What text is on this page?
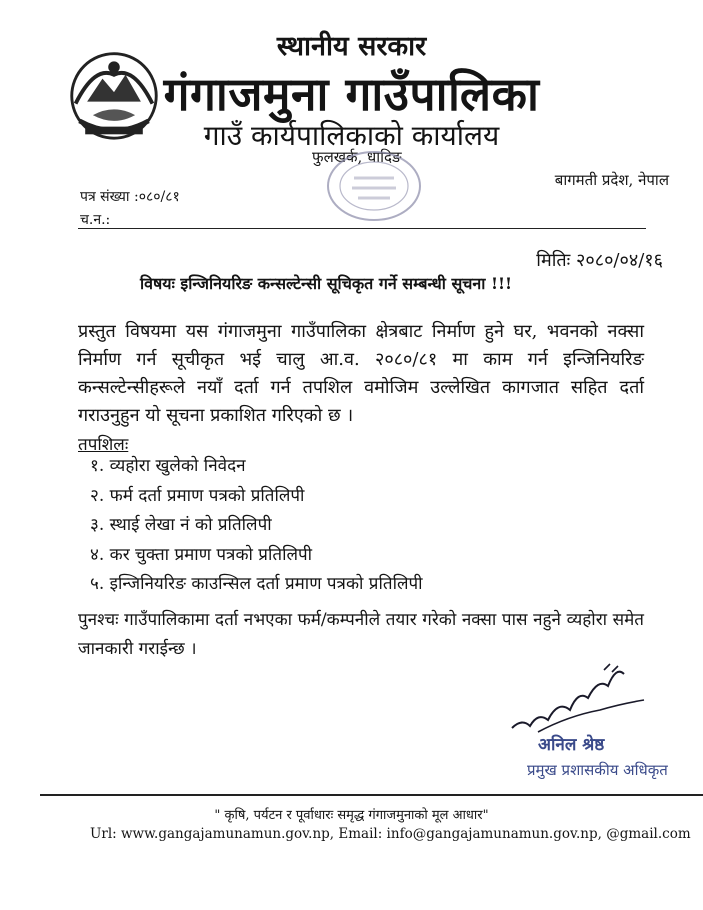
स्थानीय सरकार
गंगाजमुना गाउँपालिका
गाउँ कार्यपालिकाको कार्यालय
फुलखर्क, धादिङ
बागमती प्रदेश, नेपाल
पत्र संख्या :०८०/८१
च.न.:
मितिः २०८०/०४/१६
विषयः इन्जिनियरिङ कन्सल्टेन्सी सूचिकृत गर्ने सम्बन्धी सूचना !!!
प्रस्तुत विषयमा यस गंगाजमुना गाउँपालिका क्षेत्रबाट निर्माण हुने घर, भवनको नक्सा निर्माण गर्न सूचीकृत भई चालु आ.व. २०८०/८१ मा काम गर्न इन्जिनियरिङ कन्सल्टेन्सीहरूले नयाँ दर्ता गर्न तपशिल वमोजिम उल्लेखित कागजात सहित दर्ता गराउनुहुन यो सूचना प्रकाशित गरिएको छ ।
तपशिलः
१. व्यहोरा खुलेको निवेदन
२. फर्म दर्ता प्रमाण पत्रको प्रतिलिपी
३. स्थाई लेखा नं को प्रतिलिपी
४. कर चुक्ता प्रमाण पत्रको प्रतिलिपी
५. इन्जिनियरिङ काउन्सिल दर्ता प्रमाण पत्रको प्रतिलिपी
पुनश्चः गाउँपालिकामा दर्ता नभएका फर्म/कम्पनीले तयार गरेको नक्सा पास नहुने व्यहोरा समेत जानकारी गराईन्छ ।
अनिल श्रेष्ठ
प्रमुख प्रशासकीय अधिकृत
" कृषि, पर्यटन र पूर्वाधारः समृद्ध गंगाजमुनाको मूल आधार"
Url: www.gangajamunamun.gov.np, Email: info@gangajamunamun.gov.np, @gmail.com
